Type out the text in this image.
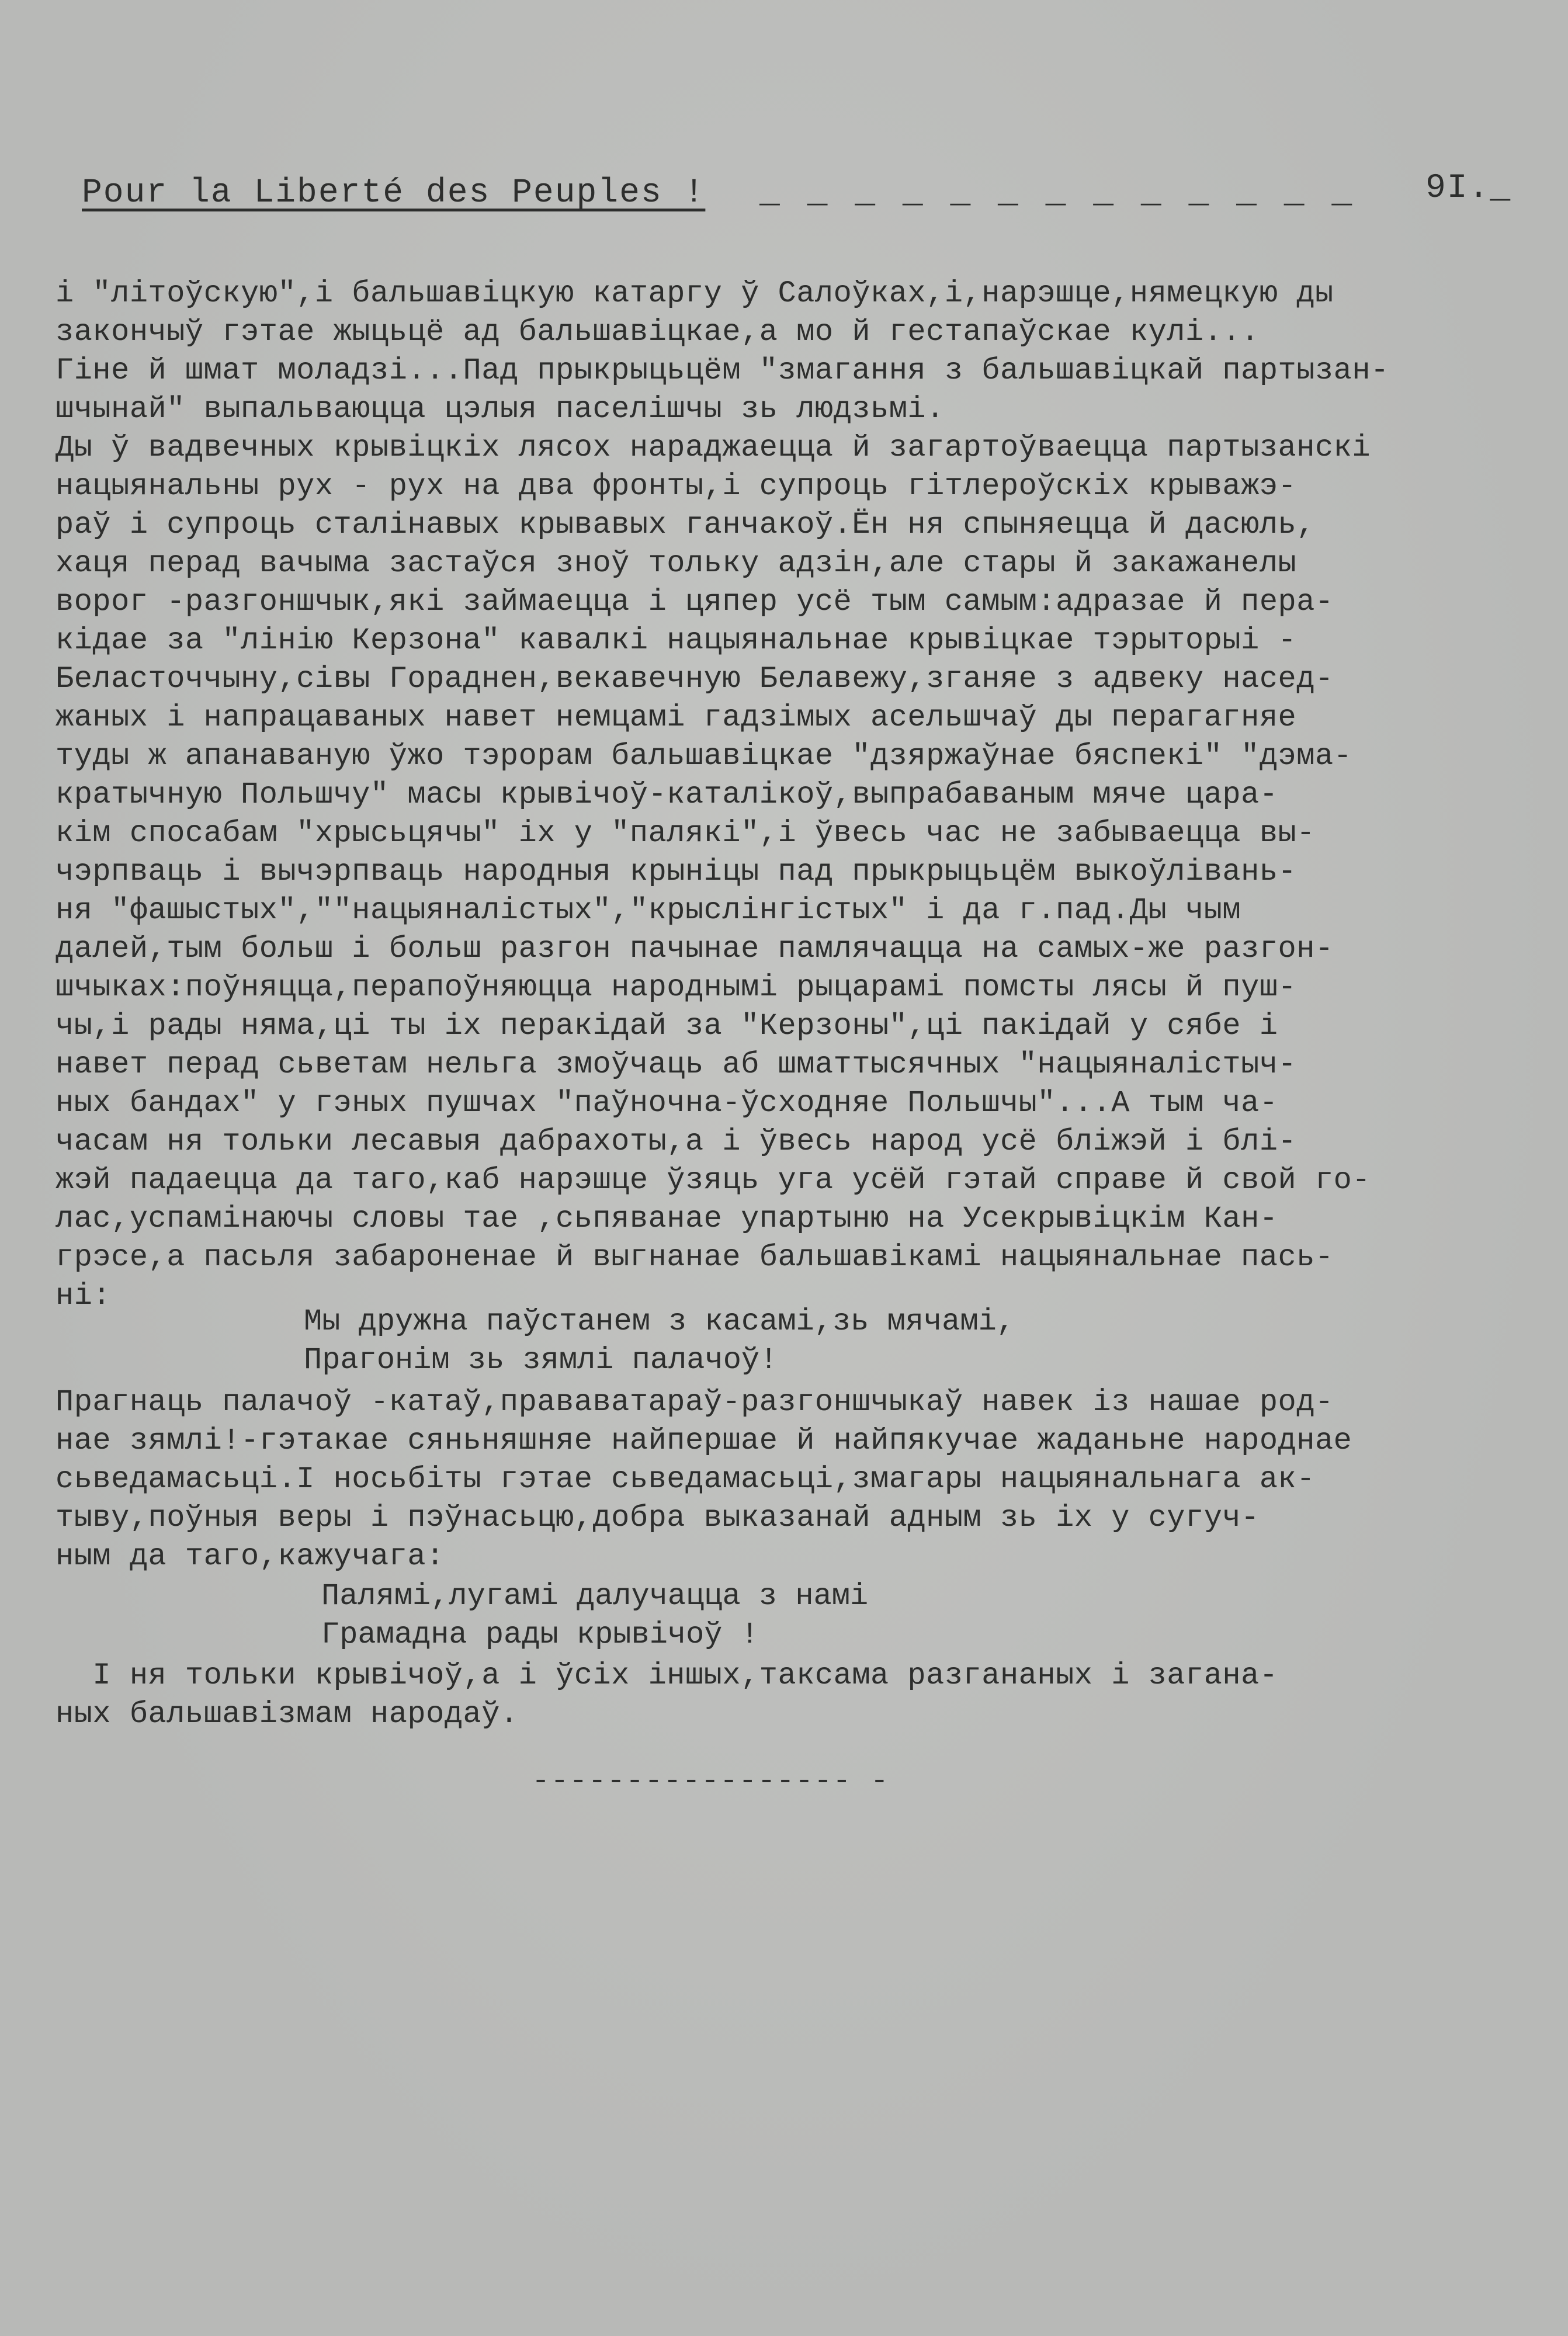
Pour la Liberté des Peuples ! _ _ _ _ _ _ _ _ _ _ _ _ _ 9I._
і "літоўскую",і бальшавіцкую катаргу ў Салоўках,і,нарэшце,нямецкую ды
закончыў гэтае жыцьцё ад бальшавіцкае,а мо й гестапаўскае кулі...
Гіне й шмат моладзі...Пад прыкрыцьцём "змагання з бальшавіцкай партызан-
шчынай" выпальваюцца цэлыя паселішчы зь людзьмі.
Ды ў вадвечных крывіцкіх лясох нараджаецца й загартоўваецца партызанскі
нацыянальны рух - рух на два фронты,і супроць гітлероўскіх крыважэ-
раў і супроць сталінавых крывавых ганчакоў.Ён ня спыняецца й дасюль,
хаця перад вачыма застаўся зноў тольку адзін,але стары й закажанелы
ворог -разгоншчык,які займаецца і цяпер усё тым самым:адразае й пера-
кідае за "лінію Керзона" кавалкі нацыянальнае крывіцкае тэрыторыі -
Беласточчыну,сівы Гораднен,векавечную Белавежу,зганяе з адвеку насед-
жаных і напрацаваных навет немцамі гадзімых асельшчаў ды перагагняе
туды ж апанаваную ўжо тэрорам бальшавіцкае "дзяржаўнае бяспекі" "дэма-
кратычную Польшчу" масы крывічоў-каталікоў,выпрабаваным мяче цара-
кім спосабам "хрысьцячы" іх у "палякі",і ўвесь час не забываецца вы-
чэрпваць і вычэрпваць народныя крыніцы пад прыкрыцьцём выкоўлівань-
ня "фашыстых",""нацыяналістых","крыслінгістых" і да г.пад.Ды чым
далей,тым больш і больш разгон пачынае памлячацца на самых-же разгон-
шчыках:поўняцца,перапоўняюцца народнымі рыцарамі помсты лясы й пуш-
чы,і рады няма,ці ты іх перакідай за "Керзоны",ці пакідай у сябе і
навет перад сьветам нельга змоўчаць аб шматтысячных "нацыяналістыч-
ных бандах" у гэных пушчах "паўночна-ўсходняе Польшчы"...А тым ча-
часам ня тольки лесавыя дабрахоты,а і ўвесь народ усё бліжэй і блі-
жэй падаецца да таго,каб нарэшце ўзяць уга усёй гэтай справе й свой го-
лас,успамінаючы словы тае ,сьпяванае упартыню на Усекрывіцкім Кан-
грэсе,а пасьля забароненае й выгнанае бальшавікамі нацыянальнае пась-
ні:
Мы дружна паўстанем з касамі,зь мячамі,
Прагонім зь зямлі палачоў!
Прагнаць палачоў -катаў,прававатараў-разгоншчыкаў навек із нашае род-
нае зямлі!-гэтакае сяньняшняе найпершае й найпякучае жаданьне народнае
сьведамасьці.І носьбіты гэтае сьведамасьці,змагары нацыянальнага ак-
тыву,поўныя веры і пэўнасьцю,добра выказанай адным зь іх у сугуч-
ным да таго,кажучага:
Палямі,лугамі далучацца з намі
Грамадна рады крывічоў !
І ня тольки крывічоў,а і ўсіх іншых,таксама разгананых і загана-
ных бальшавізмам народаў.
----------------- -
